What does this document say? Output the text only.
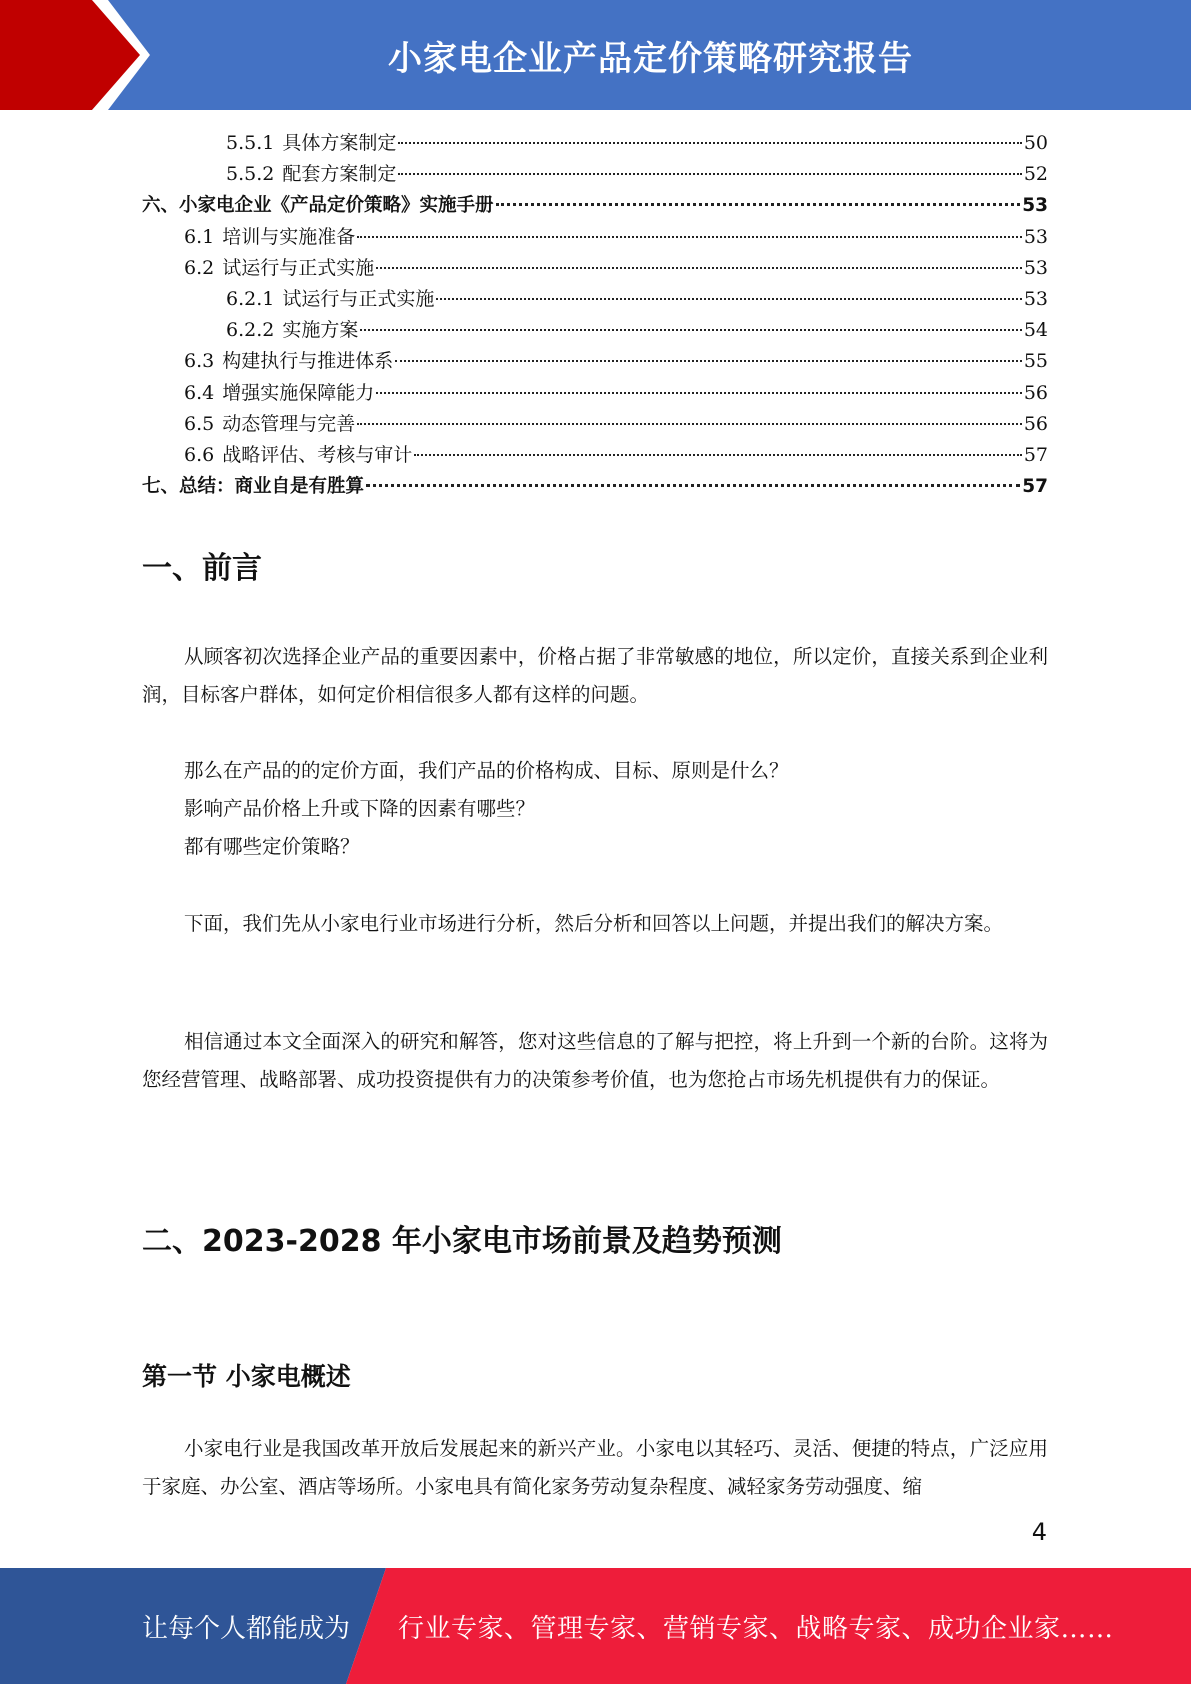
小家电企业产品定价策略研究报告
5.5.1 具体方案制定	50
5.5.2 配套方案制定	52
六、 小家电企业《产品定价策略》实施手册	53
6.1 培训与实施准备	53
6.2 试运行与正式实施	53
6.2.1 试运行与正式实施	53
6.2.2 实施方案	54
6.3 构建执行与推进体系	55
6.4 增强实施保障能力	56
6.5 动态管理与完善	56
6.6 战略评估、考核与审计	57
七、 总结：商业自是有胜算	57
一、前言
从顾客初次选择企业产品的重要因素中，价格占据了非常敏感的地位，所以定价，直接关系到企业利润，目标客户群体，如何定价相信很多人都有这样的问题。
那么在产品的的定价方面，我们产品的价格构成、目标、原则是什么？
影响产品价格上升或下降的因素有哪些？
都有哪些定价策略？
下面，我们先从小家电行业市场进行分析，然后分析和回答以上问题，并提出我们的解决方案。
相信通过本文全面深入的研究和解答，您对这些信息的了解与把控，将上升到一个新的台阶。这将为您经营管理、战略部署、成功投资提供有力的决策参考价值，也为您抢占市场先机提供有力的保证。
二、2023-2028 年小家电市场前景及趋势预测
第一节 小家电概述
小家电行业是我国改革开放后发展起来的新兴产业。小家电以其轻巧、灵活、便捷的特点，广泛应用于家庭、办公室、酒店等场所。小家电具有简化家务劳动复杂程度、减轻家务劳动强度、缩
4
让每个人都能成为 行业专家、管理专家、营销专家、战略专家、成功企业家……
